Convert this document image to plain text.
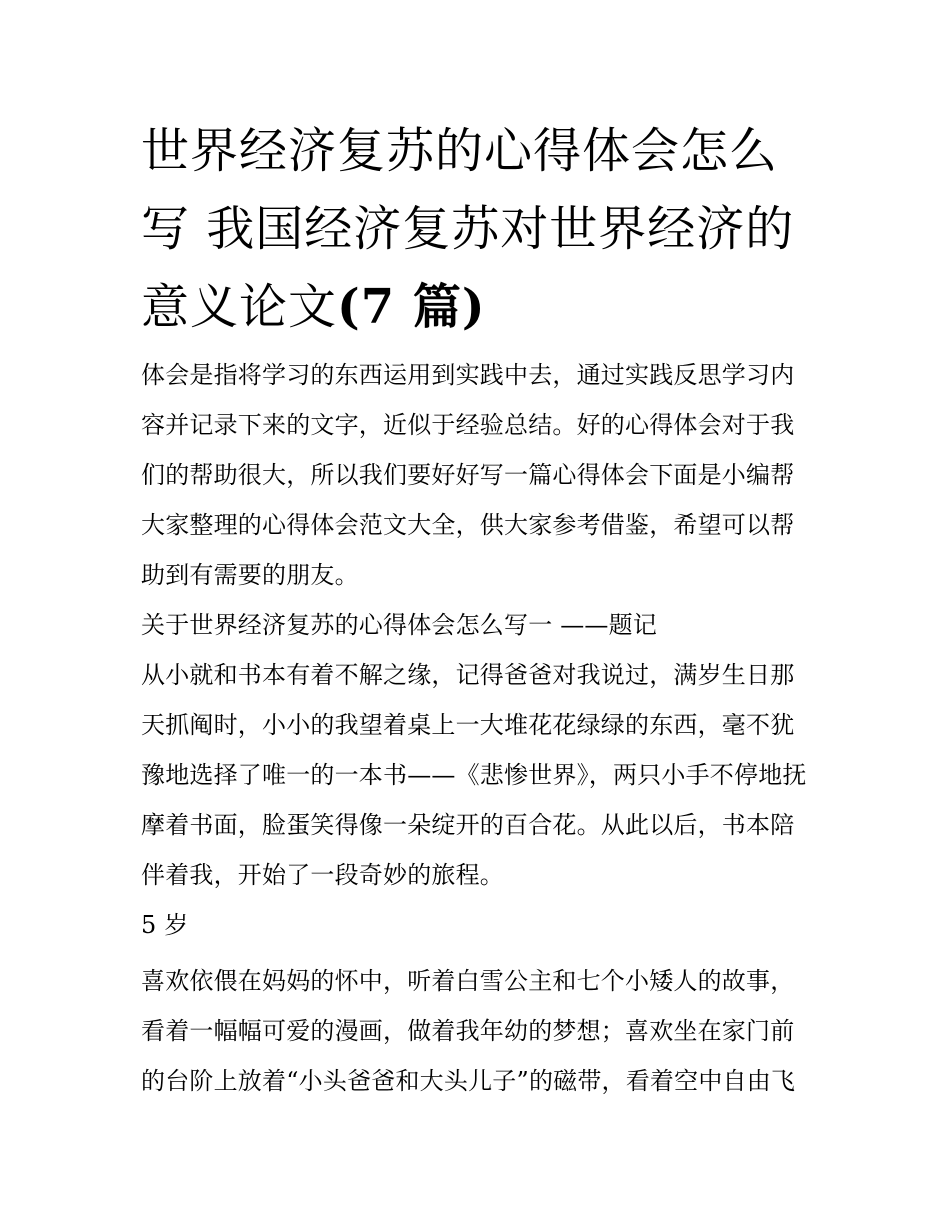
世界经济复苏的心得体会怎么写 我国经济复苏对世界经济的意义论文(7 篇)

体会是指将学习的东西运用到实践中去，通过实践反思学习内容并记录下来的文字，近似于经验总结。好的心得体会对于我们的帮助很大，所以我们要好好写一篇心得体会下面是小编帮大家整理的心得体会范文大全，供大家参考借鉴，希望可以帮助到有需要的朋友。

关于世界经济复苏的心得体会怎么写一 ——题记

从小就和书本有着不解之缘，记得爸爸对我说过，满岁生日那天抓阄时，小小的我望着桌上一大堆花花绿绿的东西，毫不犹豫地选择了唯一的一本书——《悲惨世界》，两只小手不停地抚摩着书面，脸蛋笑得像一朵绽开的百合花。从此以后，书本陪伴着我，开始了一段奇妙的旅程。

5 岁

喜欢依偎在妈妈的怀中，听着白雪公主和七个小矮人的故事，看着一幅幅可爱的漫画，做着我年幼的梦想；喜欢坐在家门前的台阶上放着“小头爸爸和大头儿子”的磁带，看着空中自由飞
